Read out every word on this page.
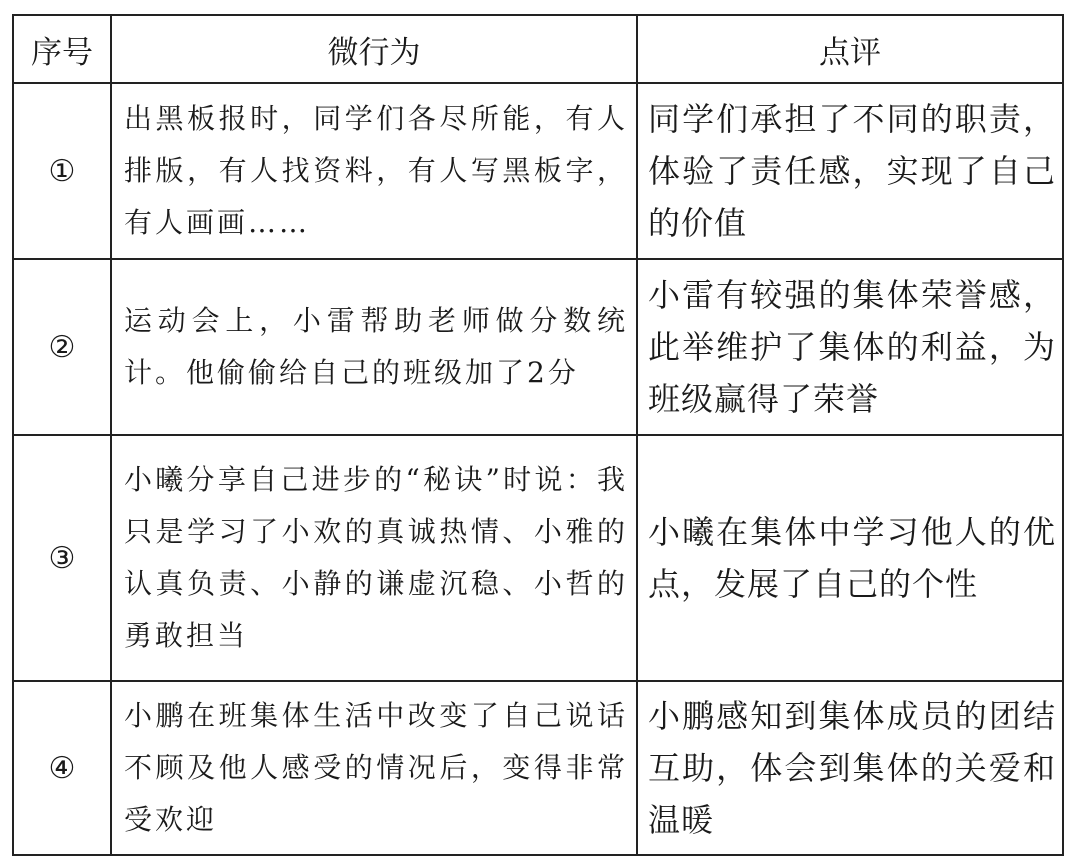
序号	微行为	点评
①	出黑板报时，同学们各尽所能，有人排版，有人找资料，有人写黑板字，有人画画……	同学们承担了不同的职责，体验了责任感，实现了自己的价值
②	运动会上，小雷帮助老师做分数统计。他偷偷给自己的班级加了2分	小雷有较强的集体荣誉感，此举维护了集体的利益，为班级赢得了荣誉
③	小曦分享自己进步的“秘诀”时说：我只是学习了小欢的真诚热情、小雅的认真负责、小静的谦虚沉稳、小哲的勇敢担当	小曦在集体中学习他人的优点，发展了自己的个性
④	小鹏在班集体生活中改变了自己说话不顾及他人感受的情况后，变得非常受欢迎	小鹏感知到集体成员的团结互助，体会到集体的关爱和温暖
